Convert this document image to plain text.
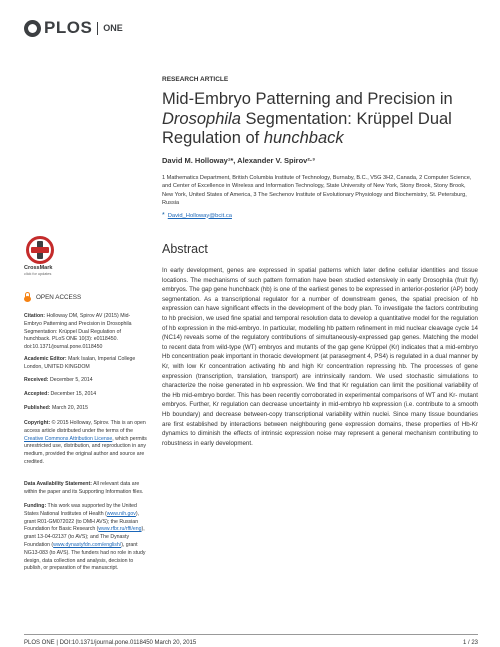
PLOS ONE
RESEARCH ARTICLE
Mid-Embryo Patterning and Precision in Drosophila Segmentation: Krüppel Dual Regulation of hunchback
David M. Holloway¹*, Alexander V. Spirov²·³
1 Mathematics Department, British Columbia Institute of Technology, Burnaby, B.C., V5G 3H2, Canada, 2 Computer Science, and Center of Excellence in Wireless and Information Technology, State University of New York, Stony Brook, Stony Brook, New York, United States of America, 3 The Sechenov Institute of Evolutionary Physiology and Biochemistry, St. Petersburg, Russia
* David_Holloway@bcit.ca
CrossMark
click for updates
OPEN ACCESS
Citation: Holloway DM, Spirov AV (2015) Mid-Embryo Patterning and Precision in Drosophila Segmentation: Krüppel Dual Regulation of hunchback. PLoS ONE 10(3): e0118450. doi:10.1371/journal.pone.0118450
Academic Editor: Mark Isalan, Imperial College London, UNITED KINGDOM
Received: December 5, 2014
Accepted: December 15, 2014
Published: March 20, 2015
Copyright: © 2015 Holloway, Spirov. This is an open access article distributed under the terms of the Creative Commons Attribution License, which permits unrestricted use, distribution, and reproduction in any medium, provided the original author and source are credited.
Data Availability Statement: All relevant data are within the paper and its Supporting Information files.
Funding: This work was supported by the United States National Institutes of Health (www.nih.gov), grant R01-GM072022 (to DMH AVS); the Russian Foundation for Basic Research (www.rfbr.ru/rffi/eng), grant 13-04-02137 (to AVS); and The Dynasty Foundation (www.dynastyfdn.com/english/), grant NG13-083 (to AVS). The funders had no role in study design, data collection and analysis, decision to publish, or preparation of the manuscript.
Abstract
In early development, genes are expressed in spatial patterns which later define cellular identities and tissue locations. The mechanisms of such pattern formation have been studied extensively in early Drosophila (fruit fly) embryos. The gap gene hunchback (hb) is one of the earliest genes to be expressed in anterior-posterior (AP) body segmentation. As a transcriptional regulator for a number of downstream genes, the spatial precision of hb expression can have significant effects in the development of the body plan. To investigate the factors contributing to hb precision, we used fine spatial and temporal resolution data to develop a quantitative model for the regulation of hb expression in the mid-embryo. In particular, modelling hb pattern refinement in mid nuclear cleavage cycle 14 (NC14) reveals some of the regulatory contributions of simultaneously-expressed gap genes. Matching the model to recent data from wild-type (WT) embryos and mutants of the gap gene Krüppel (Kr) indicates that a mid-embryo Hb concentration peak important in thoracic development (at parasegment 4, PS4) is regulated in a dual manner by Kr, with low Kr concentration activating hb and high Kr concentration repressing hb. The processes of gene expression (transcription, translation, transport) are intrinsically random. We used stochastic simulations to characterize the noise generated in hb expression. We find that Kr regulation can limit the positional variability of the Hb mid-embryo border. This has been recently corroborated in experimental comparisons of WT and Kr- mutant embryos. Further, Kr regulation can decrease uncertainty in mid-embryo hb expression (i.e. contribute to a smooth Hb boundary) and decrease between-copy transcriptional variability within nuclei. Since many tissue boundaries are first established by interactions between neighbouring gene expression domains, these properties of Hb-Kr dynamics to diminish the effects of intrinsic expression noise may represent a general mechanism contributing to robustness in early development.
PLOS ONE | DOI:10.1371/journal.pone.0118450 March 20, 2015	1 / 23
